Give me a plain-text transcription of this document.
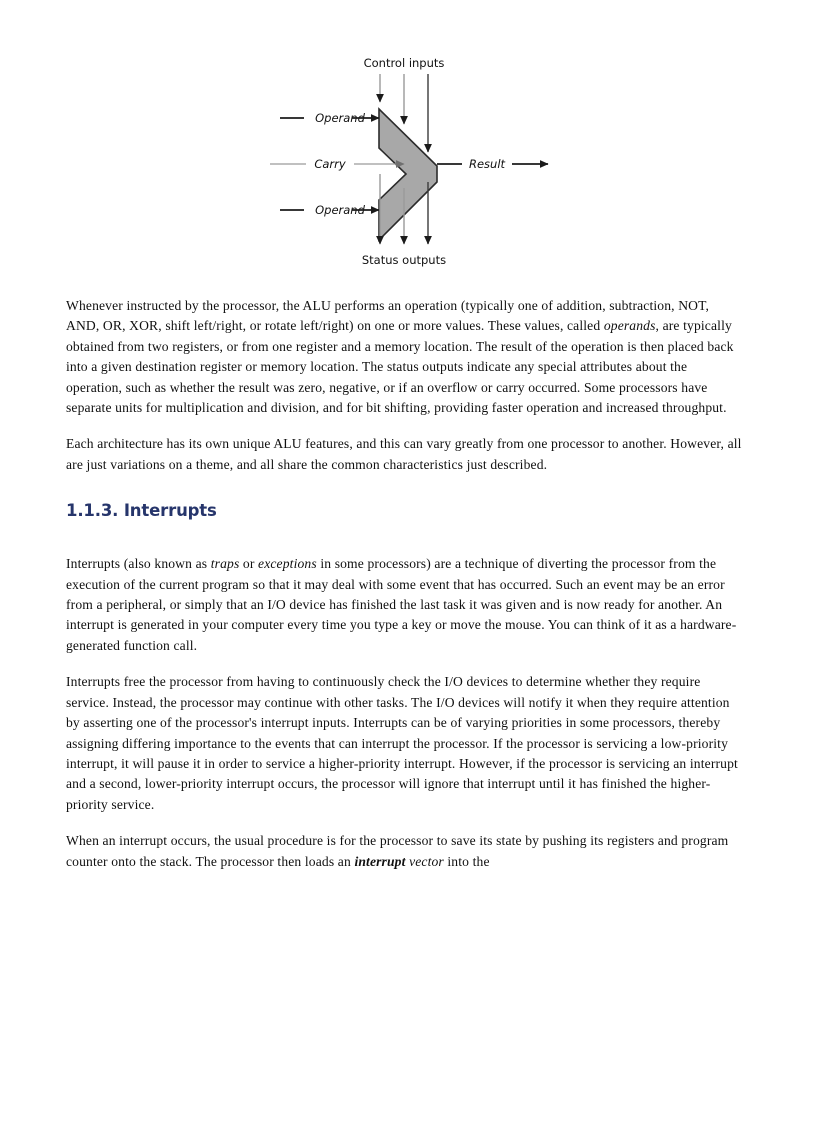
Control inputs
Operand
Carry
Operand
Result
Status outputs

Whenever instructed by the processor, the ALU performs an operation (typically one of addition, subtraction, NOT, AND, OR, XOR, shift left/right, or rotate left/right) on one or more values. These values, called operands, are typically obtained from two registers, or from one register and a memory location. The result of the operation is then placed back into a given destination register or memory location. The status outputs indicate any special attributes about the operation, such as whether the result was zero, negative, or if an overflow or carry occurred. Some processors have separate units for multiplication and division, and for bit shifting, providing faster operation and increased throughput.

Each architecture has its own unique ALU features, and this can vary greatly from one processor to another. However, all are just variations on a theme, and all share the common characteristics just described.

1.1.3. Interrupts

Interrupts (also known as traps or exceptions in some processors) are a technique of diverting the processor from the execution of the current program so that it may deal with some event that has occurred. Such an event may be an error from a peripheral, or simply that an I/O device has finished the last task it was given and is now ready for another. An interrupt is generated in your computer every time you type a key or move the mouse. You can think of it as a hardware-generated function call.

Interrupts free the processor from having to continuously check the I/O devices to determine whether they require service. Instead, the processor may continue with other tasks. The I/O devices will notify it when they require attention by asserting one of the processor's interrupt inputs. Interrupts can be of varying priorities in some processors, thereby assigning differing importance to the events that can interrupt the processor. If the processor is servicing a low-priority interrupt, it will pause it in order to service a higher-priority interrupt. However, if the processor is servicing an interrupt and a second, lower-priority interrupt occurs, the processor will ignore that interrupt until it has finished the higher-priority service.

When an interrupt occurs, the usual procedure is for the processor to save its state by pushing its registers and program counter onto the stack. The processor then loads an interrupt vector into the
